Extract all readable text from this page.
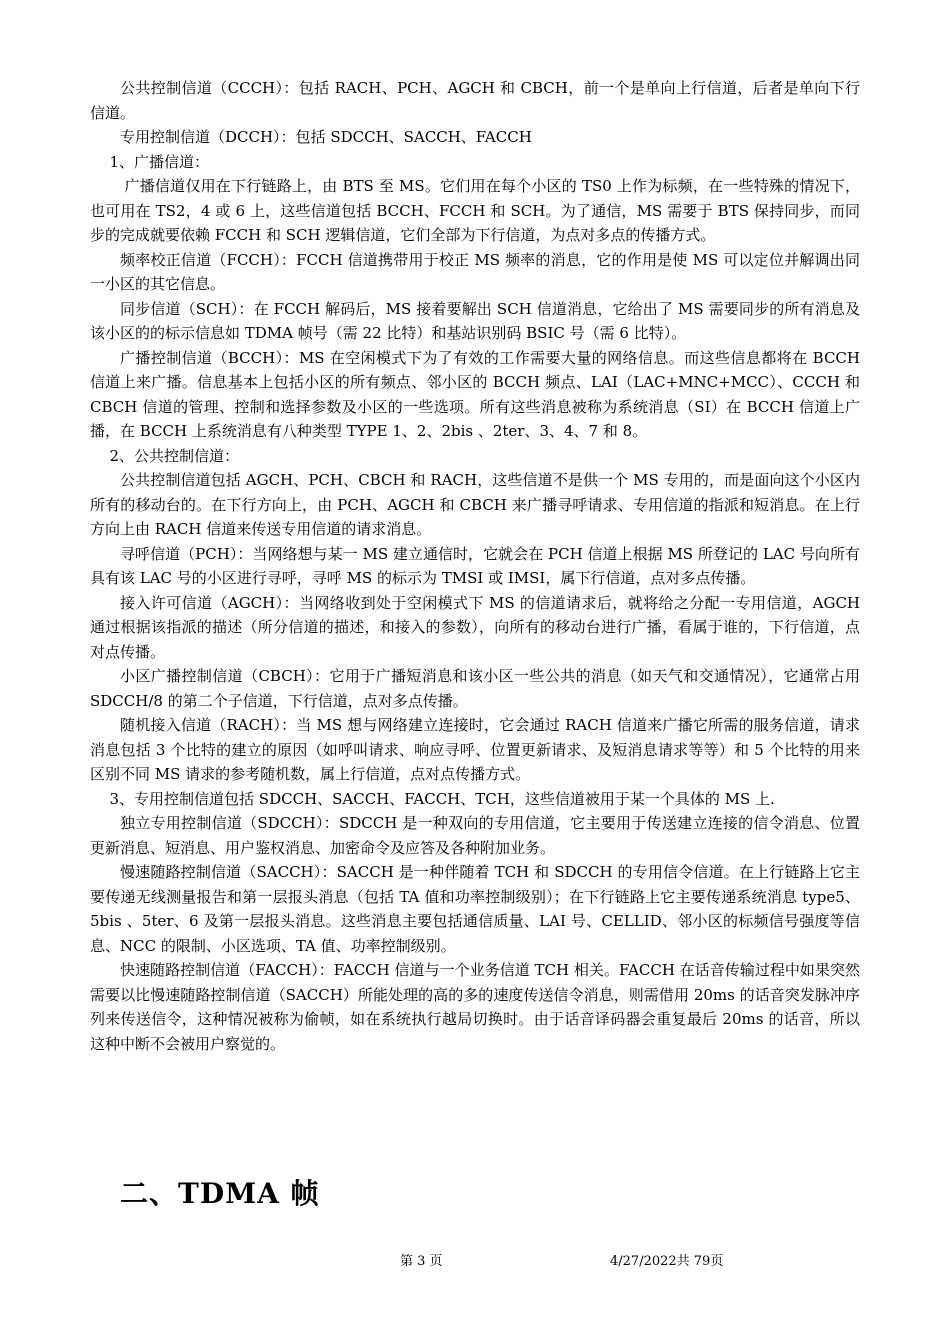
公共控制信道（CCCH）：包括 RACH、PCH、AGCH 和 CBCH，前一个是单向上行信道，后者是单向下行信道。

专用控制信道（DCCH）：包括 SDCCH、SACCH、FACCH

1、广播信道：

广播信道仅用在下行链路上，由 BTS 至 MS。它们用在每个小区的 TS0 上作为标频，在一些特殊的情况下，也可用在 TS2，4 或 6 上，这些信道包括 BCCH、FCCH 和 SCH。为了通信，MS 需要于 BTS 保持同步，而同步的完成就要依赖 FCCH 和 SCH 逻辑信道，它们全部为下行信道，为点对多点的传播方式。

频率校正信道（FCCH）：FCCH 信道携带用于校正 MS 频率的消息，它的作用是使 MS 可以定位并解调出同一小区的其它信息。

同步信道（SCH）：在 FCCH 解码后，MS 接着要解出 SCH 信道消息，它给出了 MS 需要同步的所有消息及该小区的的标示信息如 TDMA 帧号（需 22 比特）和基站识别码 BSIC 号（需 6 比特）。

广播控制信道（BCCH）：MS 在空闲模式下为了有效的工作需要大量的网络信息。而这些信息都将在 BCCH 信道上来广播。信息基本上包括小区的所有频点、邻小区的 BCCH 频点、LAI（LAC+MNC+MCC）、CCCH 和 CBCH 信道的管理、控制和选择参数及小区的一些选项。所有这些消息被称为系统消息（SI）在 BCCH 信道上广播，在 BCCH 上系统消息有八种类型 TYPE 1、2、2bis 、2ter、3、4、7 和 8。

2、公共控制信道：

公共控制信道包括 AGCH、PCH、CBCH 和 RACH，这些信道不是供一个 MS 专用的，而是面向这个小区内所有的移动台的。在下行方向上，由 PCH、AGCH 和 CBCH 来广播寻呼请求、专用信道的指派和短消息。在上行方向上由 RACH 信道来传送专用信道的请求消息。

寻呼信道（PCH）：当网络想与某一 MS 建立通信时，它就会在 PCH 信道上根据 MS 所登记的 LAC 号向所有具有该 LAC 号的小区进行寻呼，寻呼 MS 的标示为 TMSI 或 IMSI，属下行信道，点对多点传播。

接入许可信道（AGCH）：当网络收到处于空闲模式下 MS 的信道请求后，就将给之分配一专用信道，AGCH 通过根据该指派的描述（所分信道的描述，和接入的参数），向所有的移动台进行广播，看属于谁的，下行信道，点对点传播。

小区广播控制信道（CBCH）：它用于广播短消息和该小区一些公共的消息（如天气和交通情况），它通常占用 SDCCH/8 的第二个子信道，下行信道，点对多点传播。

随机接入信道（RACH）：当 MS 想与网络建立连接时，它会通过 RACH 信道来广播它所需的服务信道，请求消息包括 3 个比特的建立的原因（如呼叫请求、响应寻呼、位置更新请求、及短消息请求等等）和 5 个比特的用来区别不同 MS 请求的参考随机数，属上行信道，点对点传播方式。

3、专用控制信道包括 SDCCH、SACCH、FACCH、TCH，这些信道被用于某一个具体的 MS 上.

独立专用控制信道（SDCCH）：SDCCH 是一种双向的专用信道，它主要用于传送建立连接的信令消息、位置更新消息、短消息、用户鉴权消息、加密命令及应答及各种附加业务。

慢速随路控制信道（SACCH）：SACCH 是一种伴随着 TCH 和 SDCCH 的专用信令信道。在上行链路上它主要传递无线测量报告和第一层报头消息（包括 TA 值和功率控制级别）；在下行链路上它主要传递系统消息 type5、5bis 、5ter、6 及第一层报头消息。这些消息主要包括通信质量、LAI 号、CELLID、邻小区的标频信号强度等信息、NCC 的限制、小区选项、TA 值、功率控制级别。

快速随路控制信道（FACCH）：FACCH 信道与一个业务信道 TCH 相关。FACCH 在话音传输过程中如果突然需要以比慢速随路控制信道（SACCH）所能处理的高的多的速度传送信令消息，则需借用 20ms 的话音突发脉冲序列来传送信令，这种情况被称为偷帧，如在系统执行越局切换时。由于话音译码器会重复最后 20ms 的话音，所以这种中断不会被用户察觉的。

二、TDMA 帧
第 3 页	4/27/2022共 79页
